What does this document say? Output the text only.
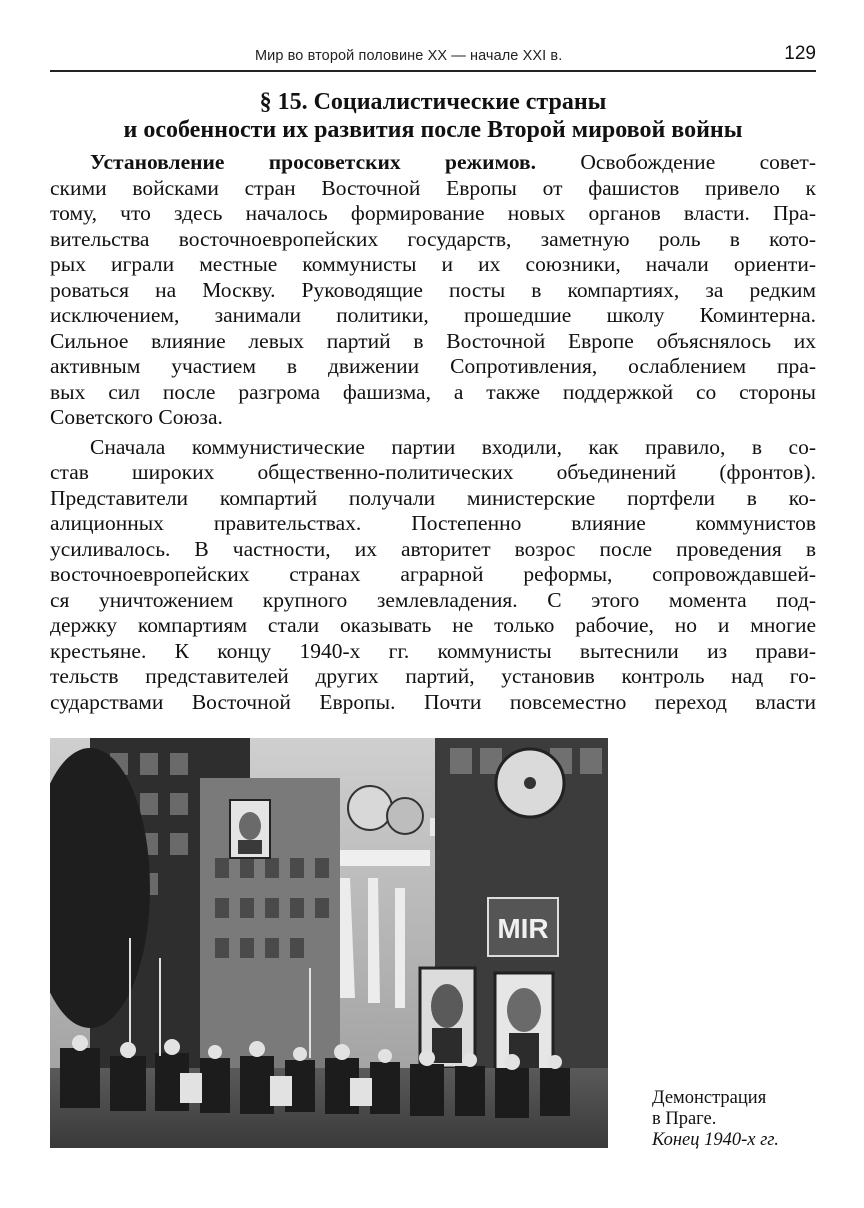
Мир во второй половине XX — начале XXI в.	129
§ 15. Социалистические страны
и особенности их развития после Второй мировой войны

Установление просоветских режимов. Освобождение совет-
скими войсками стран Восточной Европы от фашистов привело к
тому, что здесь началось формирование новых органов власти. Пра-
вительства восточноевропейских государств, заметную роль в кото-
рых играли местные коммунисты и их союзники, начали ориенти-
роваться на Москву. Руководящие посты в компартиях, за редким
исключением, занимали политики, прошедшие школу Коминтерна.
Сильное влияние левых партий в Восточной Европе объяснялось их
активным участием в движении Сопротивления, ослаблением пра-
вых сил после разгрома фашизма, а также поддержкой со стороны
Советского Союза.

Сначала коммунистические партии входили, как правило, в со-
став широких общественно-политических объединений (фронтов).
Представители компартий получали министерские портфели в ко-
алиционных правительствах. Постепенно влияние коммунистов
усиливалось. В частности, их авторитет возрос после проведения в
восточноевропейских странах аграрной реформы, сопровождавшей-
ся уничтожением крупного землевладения. С этого момента под-
держку компартиям стали оказывать не только рабочие, но и многие
крестьяне. К концу 1940-х гг. коммунисты вытеснили из прави-
тельств представителей других партий, установив контроль над го-
сударствами Восточной Европы. Почти повсеместно переход власти

MIR
Демонстрация
в Праге.
Конец 1940-х гг.
